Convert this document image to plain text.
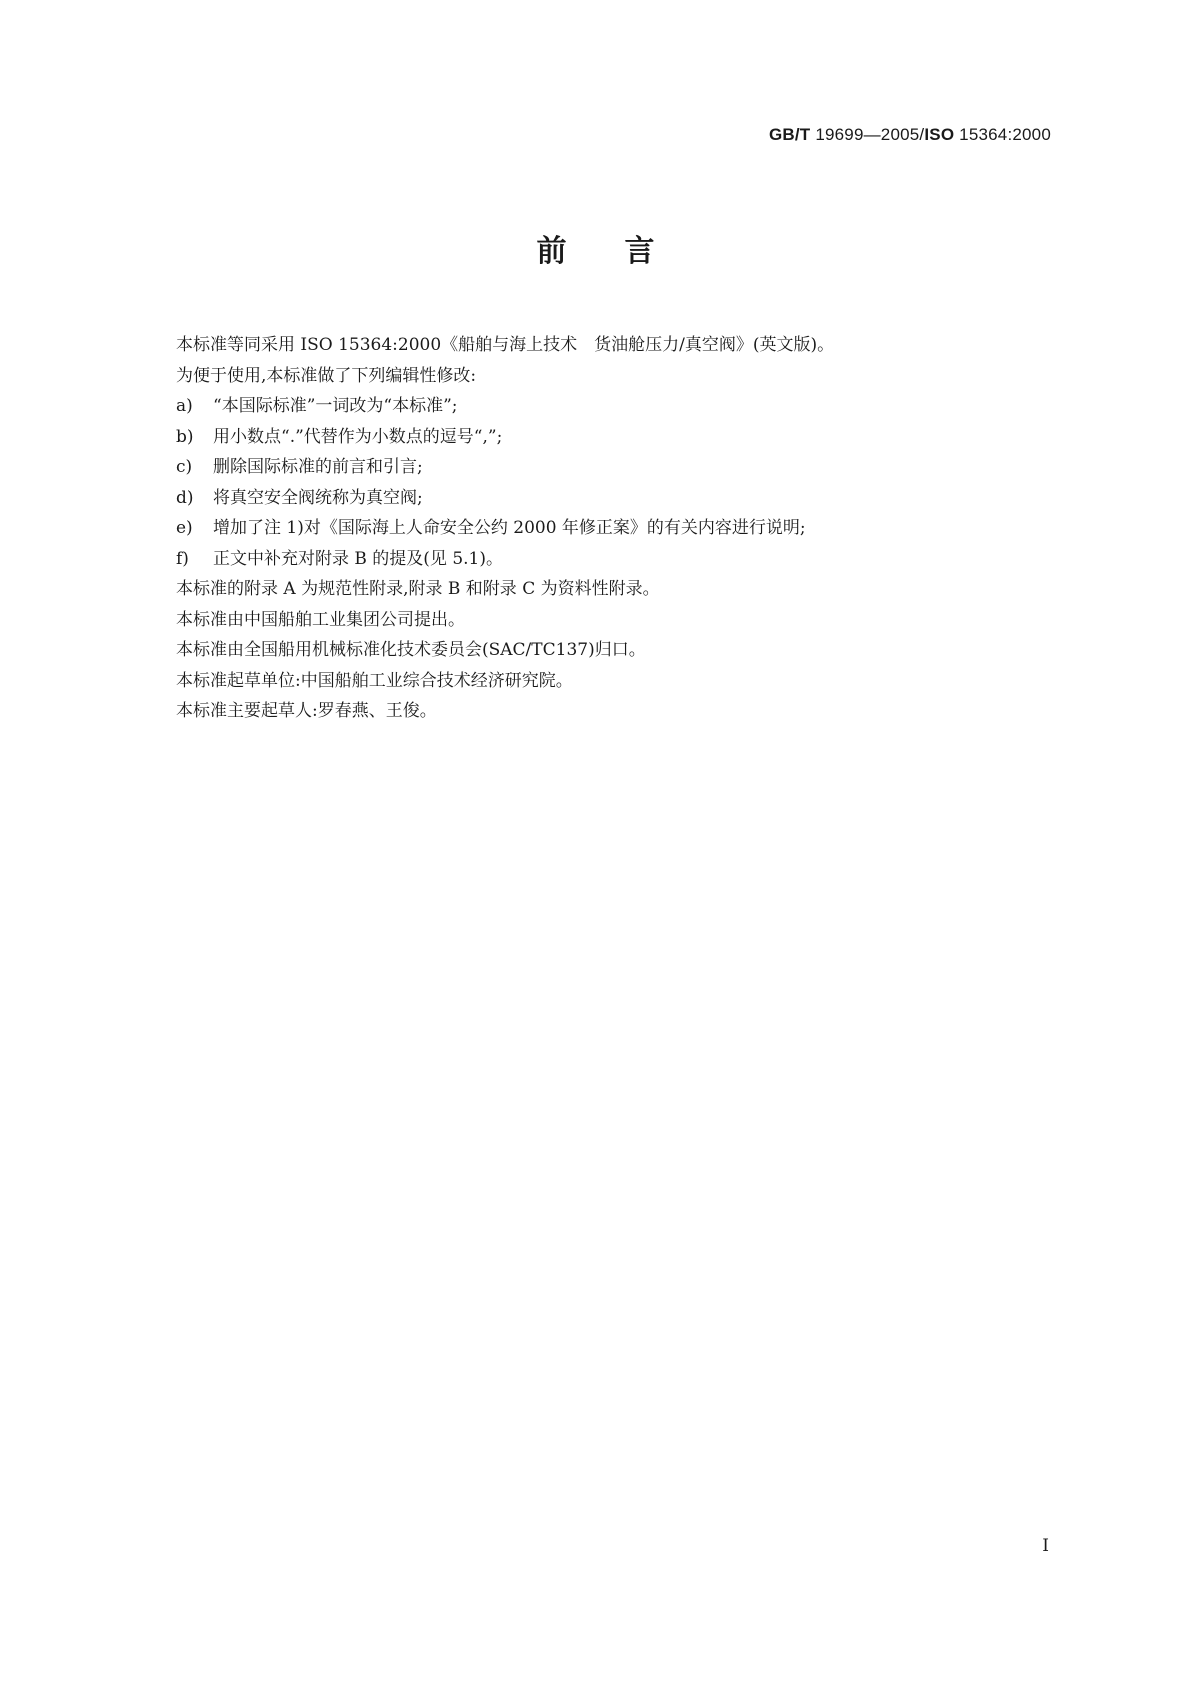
GB/T 19699—2005/ISO 15364:2000
前言

本标准等同采用 ISO 15364:2000《船舶与海上技术　货油舱压力/真空阀》(英文版)。

为便于使用,本标准做了下列编辑性修改:

a)	“本国际标准”一词改为“本标准”;

b)	用小数点“.”代替作为小数点的逗号“,”;

c)	删除国际标准的前言和引言;

d)	将真空安全阀统称为真空阀;

e)	增加了注 1)对《国际海上人命安全公约 2000 年修正案》的有关内容进行说明;

f)	正文中补充对附录 B 的提及(见 5.1)。

本标准的附录 A 为规范性附录,附录 B 和附录 C 为资料性附录。

本标准由中国船舶工业集团公司提出。

本标准由全国船用机械标准化技术委员会(SAC/TC137)归口。

本标准起草单位:中国船舶工业综合技术经济研究院。

本标准主要起草人:罗春燕、王俊。

I
